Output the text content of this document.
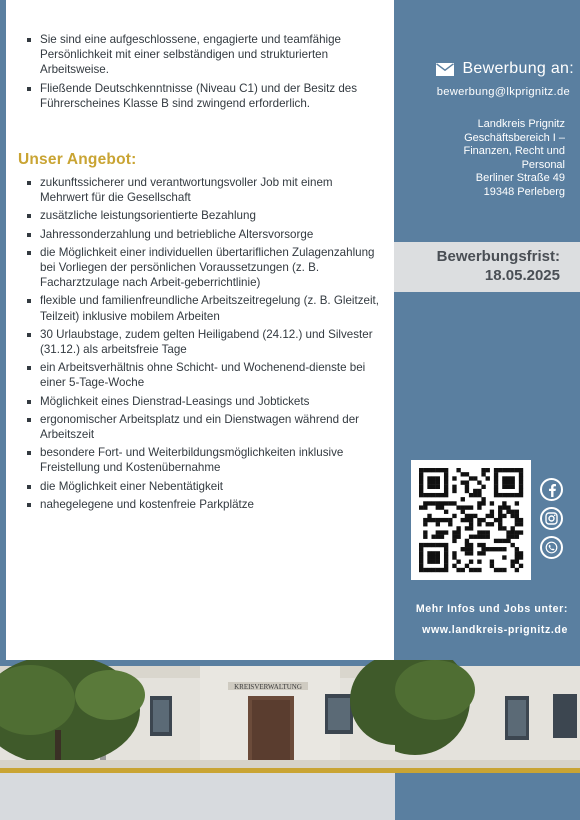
Sie sind eine aufgeschlossene, engagierte und teamfähige Persönlichkeit mit einer selbständigen und strukturierten Arbeitsweise.
Fließende Deutschkenntnisse (Niveau C1) und der Besitz des Führerscheines Klasse B sind zwingend erforderlich.
Unser Angebot:
zukunftssicherer und verantwortungsvoller Job mit einem Mehrwert für die Gesellschaft
zusätzliche leistungsorientierte Bezahlung
Jahressonderzahlung und betriebliche Altersvorsorge
die Möglichkeit einer individuellen übertariflichen Zulagenzahlung bei Vorliegen der persönlichen Voraussetzungen (z. B. Facharztzulage nach Arbeit-geberrichtlinie)
flexible und familienfreundliche Arbeitszeitregelung (z. B. Gleitzeit, Teilzeit) inklusive mobilem Arbeiten
30 Urlaubstage, zudem gelten Heiligabend (24.12.) und Silvester (31.12.) als arbeitsfreie Tage
ein Arbeitsverhältnis ohne Schicht- und Wochenend-dienste bei einer 5-Tage-Woche
Möglichkeit eines Dienstrad-Leasings und Jobtickets
ergonomischer Arbeitsplatz und ein Dienstwagen während der Arbeitszeit
besondere Fort- und Weiterbildungsmöglichkeiten inklusive Freistellung und Kostenübernahme
die Möglichkeit einer Nebentätigkeit
nahegelegene und kostenfreie Parkplätze
Bewerbung an:
bewerbung@lkprignitz.de
Landkreis Prignitz
Geschäftsbereich I –
Finanzen, Recht und
Personal
Berliner Straße 49
19348 Perleberg
Bewerbungsfrist:
18.05.2025
Mehr Infos und Jobs unter:
www.landkreis-prignitz.de
KREISVERWALTUNG
